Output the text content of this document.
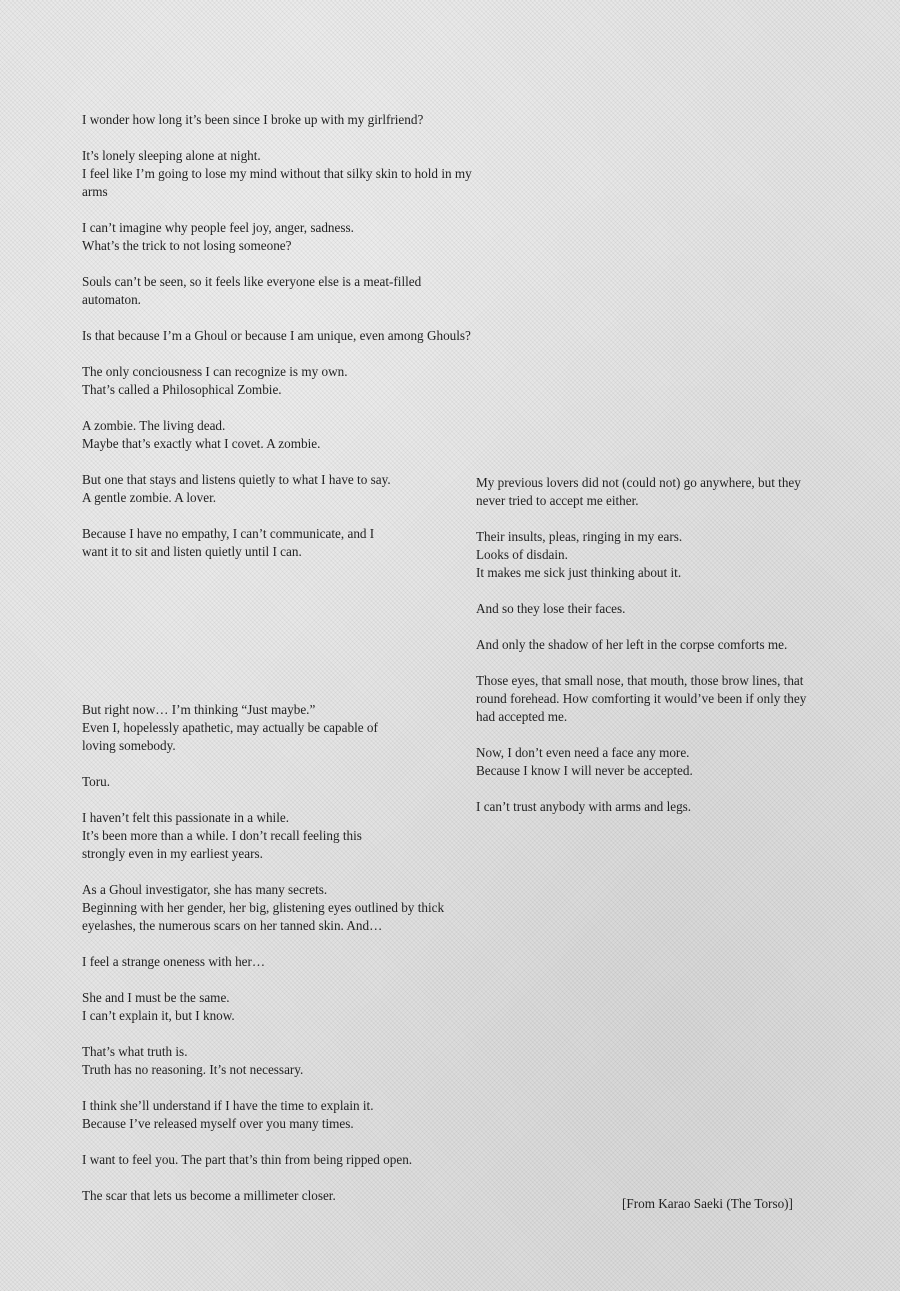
I wonder how long it’s been since I broke up with my girlfriend?

It’s lonely sleeping alone at night.
I feel like I’m going to lose my mind without that silky skin to hold in my
arms

I can’t imagine why people feel joy, anger, sadness.
What’s the trick to not losing someone?

Souls can’t be seen, so it feels like everyone else is a meat-filled
automaton.

Is that because I’m a Ghoul or because I am unique, even among Ghouls?

The only conciousness I can recognize is my own.
That’s called a Philosophical Zombie.

A zombie. The living dead.
Maybe that’s exactly what I covet. A zombie.

But one that stays and listens quietly to what I have to say.
A gentle zombie. A lover.

Because I have no empathy, I can’t communicate, and I
want it to sit and listen quietly until I can.

My previous lovers did not (could not) go anywhere, but they
never tried to accept me either.

Their insults, pleas, ringing in my ears.
Looks of disdain.
It makes me sick just thinking about it.

And so they lose their faces.

And only the shadow of her left in the corpse comforts me.

Those eyes, that small nose, that mouth, those brow lines, that
round forehead. How comforting it would’ve been if only they
had accepted me.

Now, I don’t even need a face any more.
Because I know I will never be accepted.

I can’t trust anybody with arms and legs.

But right now… I’m thinking “Just maybe.”
Even I, hopelessly apathetic, may actually be capable of
loving somebody.

Toru.

I haven’t felt this passionate in a while.
It’s been more than a while. I don’t recall feeling this
strongly even in my earliest years.

As a Ghoul investigator, she has many secrets.
Beginning with her gender, her big, glistening eyes outlined by thick
eyelashes, the numerous scars on her tanned skin. And…

I feel a strange oneness with her…

She and I must be the same.
I can’t explain it, but I know.

That’s what truth is.
Truth has no reasoning. It’s not necessary.

I think she’ll understand if I have the time to explain it.
Because I’ve released myself over you many times.

I want to feel you. The part that’s thin from being ripped open.

The scar that lets us become a millimeter closer.

[From Karao Saeki (The Torso)]
